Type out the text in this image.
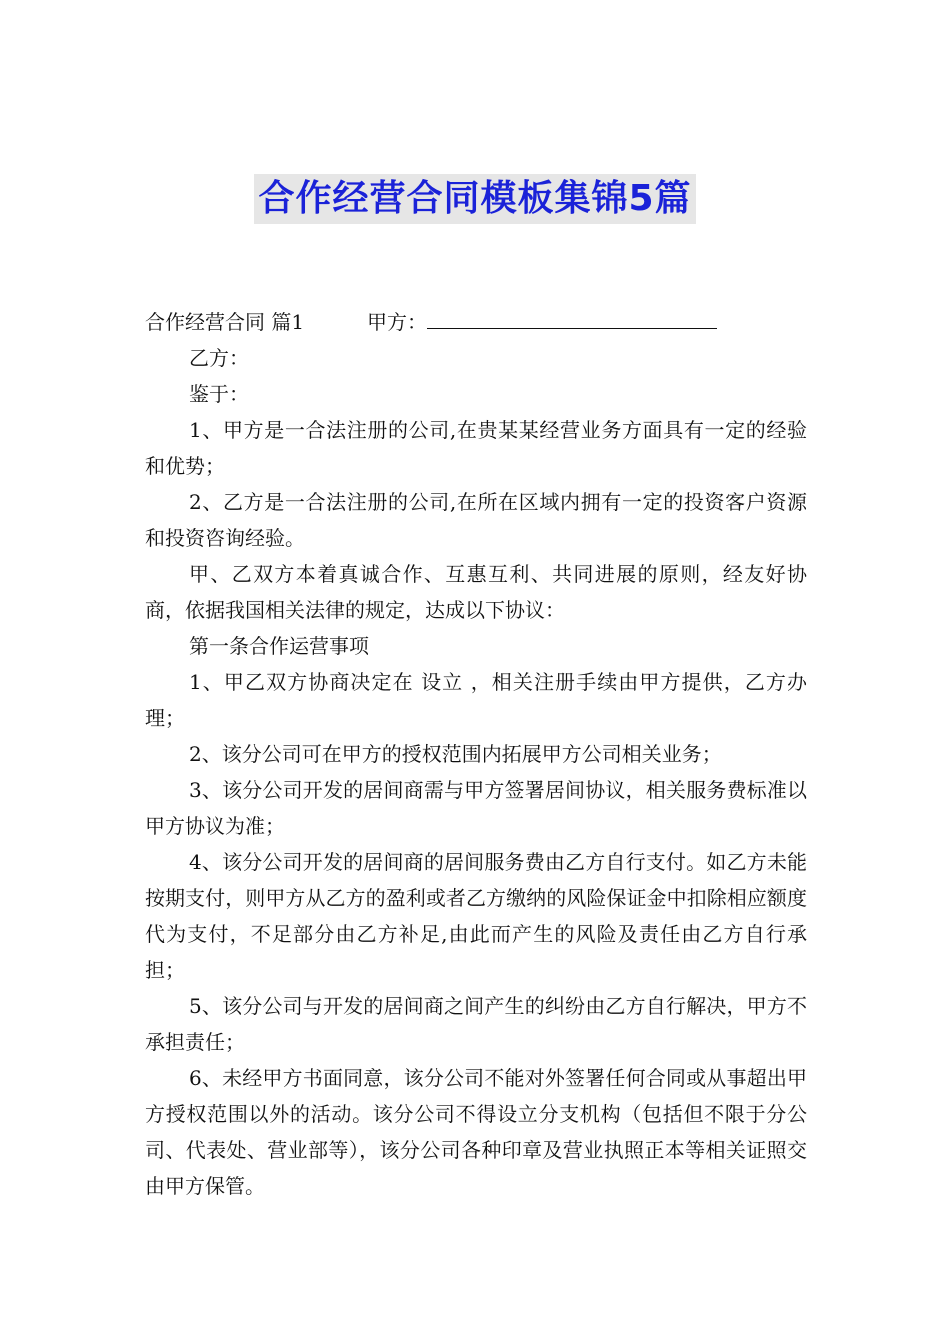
合作经营合同模板集锦5篇

合作经营合同 篇1	甲方：

乙方：

鉴于：

1、甲方是一合法注册的公司,在贵某某经营业务方面具有一定的经验和优势；

2、乙方是一合法注册的公司,在所在区域内拥有一定的投资客户资源和投资咨询经验。

甲、乙双方本着真诚合作、互惠互利、共同进展的原则，经友好协商，依据我国相关法律的规定，达成以下协议：

第一条合作运营事项

1、甲乙双方协商决定在 设立 ，相关注册手续由甲方提供，乙方办理；

2、该分公司可在甲方的授权范围内拓展甲方公司相关业务；

3、该分公司开发的居间商需与甲方签署居间协议，相关服务费标准以甲方协议为准；

4、该分公司开发的居间商的居间服务费由乙方自行支付。如乙方未能按期支付，则甲方从乙方的盈利或者乙方缴纳的风险保证金中扣除相应额度代为支付，不足部分由乙方补足,由此而产生的风险及责任由乙方自行承担；

5、该分公司与开发的居间商之间产生的纠纷由乙方自行解决，甲方不承担责任；

6、未经甲方书面同意，该分公司不能对外签署任何合同或从事超出甲方授权范围以外的活动。该分公司不得设立分支机构（包括但不限于分公司、代表处、营业部等），该分公司各种印章及营业执照正本等相关证照交由甲方保管。
